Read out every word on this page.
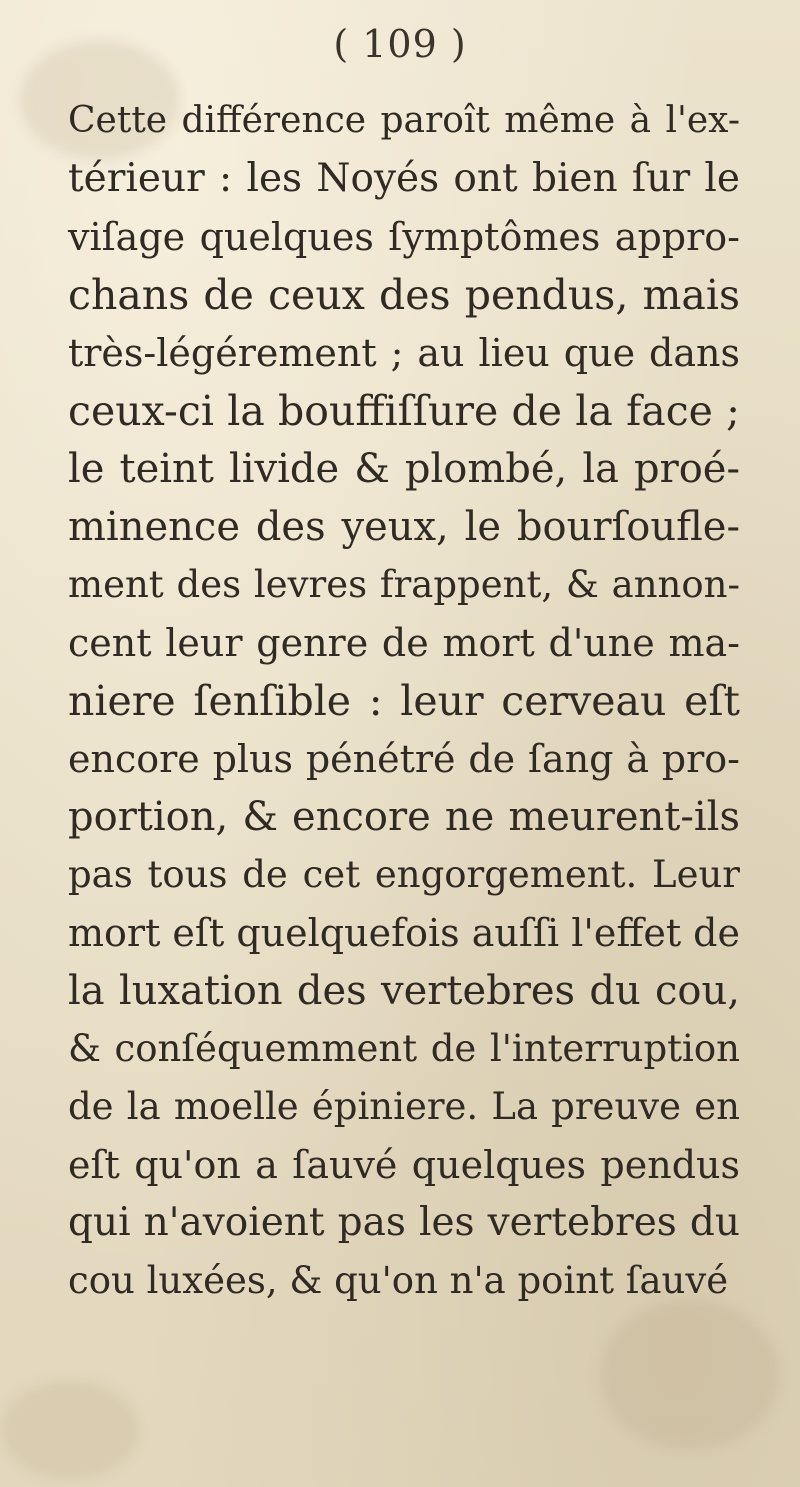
( 109 )
Cette différence paroît même à l'ex-
térieur : les Noyés ont bien ſur le
viſage quelques ſymptômes appro-
chans de ceux des pendus, mais
très-légérement ; au lieu que dans
ceux-ci la bouffiſſure de la face ;
le teint livide & plombé, la proé-
minence des yeux, le bourſoufle-
ment des levres frappent, & annon-
cent leur genre de mort d'une ma-
niere ſenſible : leur cerveau eſt
encore plus pénétré de ſang à pro-
portion, & encore ne meurent-ils
pas tous de cet engorgement. Leur
mort eſt quelquefois auſſi l'effet de
la luxation des vertebres du cou,
& conſéquemment de l'interruption
de la moelle épiniere. La preuve en
eſt qu'on a ſauvé quelques pendus
qui n'avoient pas les vertebres du
cou luxées, & qu'on n'a point ſauvé
